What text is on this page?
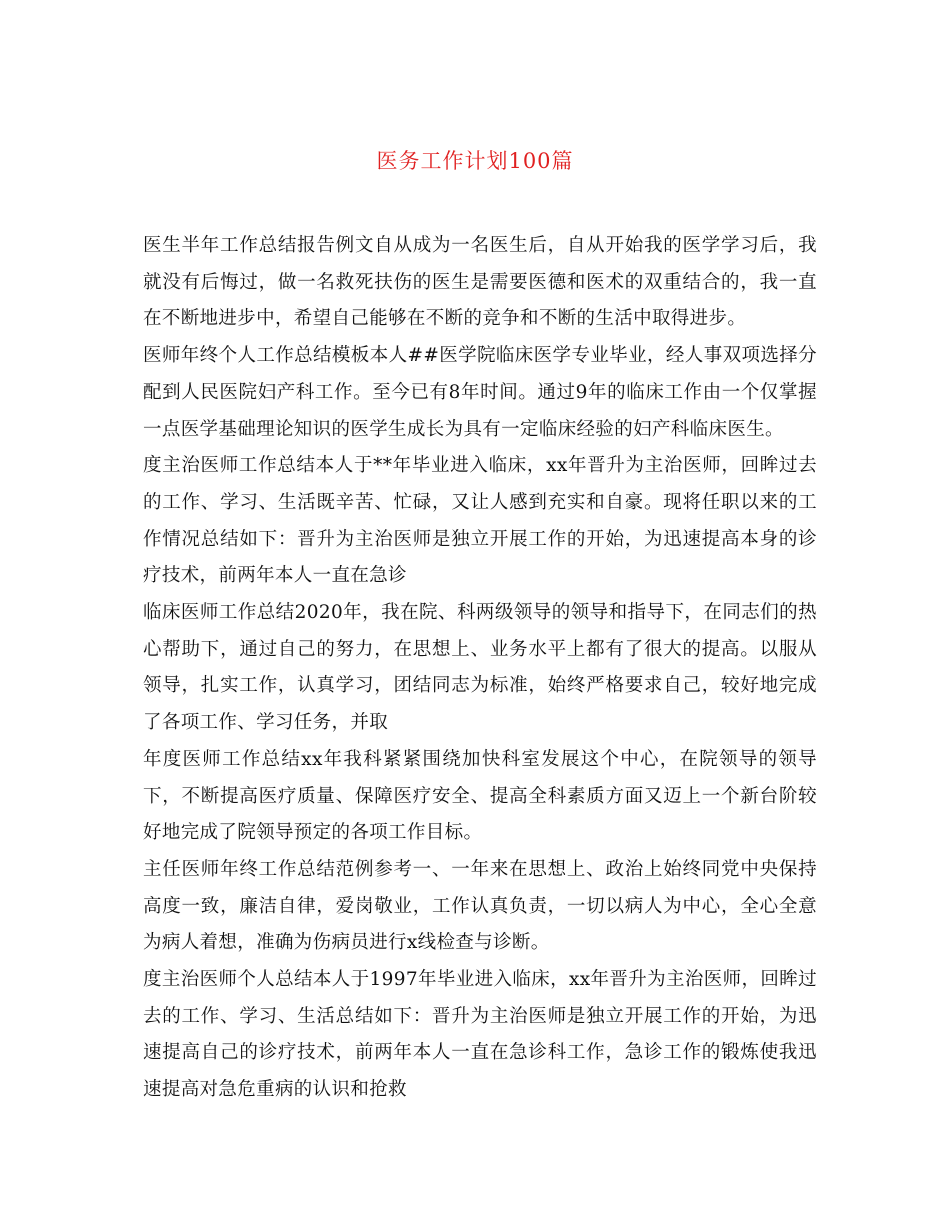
医务工作计划100篇

医生半年工作总结报告例文自从成为一名医生后，自从开始我的医学学习后，我就没有后悔过，做一名救死扶伤的医生是需要医德和医术的双重结合的，我一直在不断地进步中，希望自己能够在不断的竞争和不断的生活中取得进步。

医师年终个人工作总结模板本人##医学院临床医学专业毕业，经人事双项选择分配到人民医院妇产科工作。至今已有8年时间。通过9年的临床工作由一个仅掌握一点医学基础理论知识的医学生成长为具有一定临床经验的妇产科临床医生。

度主治医师工作总结本人于**年毕业进入临床，xx年晋升为主治医师，回眸过去的工作、学习、生活既辛苦、忙碌，又让人感到充实和自豪。现将任职以来的工作情况总结如下：晋升为主治医师是独立开展工作的开始，为迅速提高本身的诊疗技术，前两年本人一直在急诊

临床医师工作总结2020年，我在院、科两级领导的领导和指导下，在同志们的热心帮助下，通过自己的努力，在思想上、业务水平上都有了很大的提高。以服从领导，扎实工作，认真学习，团结同志为标准，始终严格要求自己，较好地完成了各项工作、学习任务，并取

年度医师工作总结xx年我科紧紧围绕加快科室发展这个中心，在院领导的领导下，不断提高医疗质量、保障医疗安全、提高全科素质方面又迈上一个新台阶较好地完成了院领导预定的各项工作目标。

主任医师年终工作总结范例参考一、一年来在思想上、政治上始终同党中央保持高度一致，廉洁自律，爱岗敬业，工作认真负责，一切以病人为中心，全心全意为病人着想，准确为伤病员进行x线检查与诊断。

度主治医师个人总结本人于1997年毕业进入临床，xx年晋升为主治医师，回眸过去的工作、学习、生活总结如下：晋升为主治医师是独立开展工作的开始，为迅速提高自己的诊疗技术，前两年本人一直在急诊科工作，急诊工作的锻炼使我迅速提高对急危重病的认识和抢救
